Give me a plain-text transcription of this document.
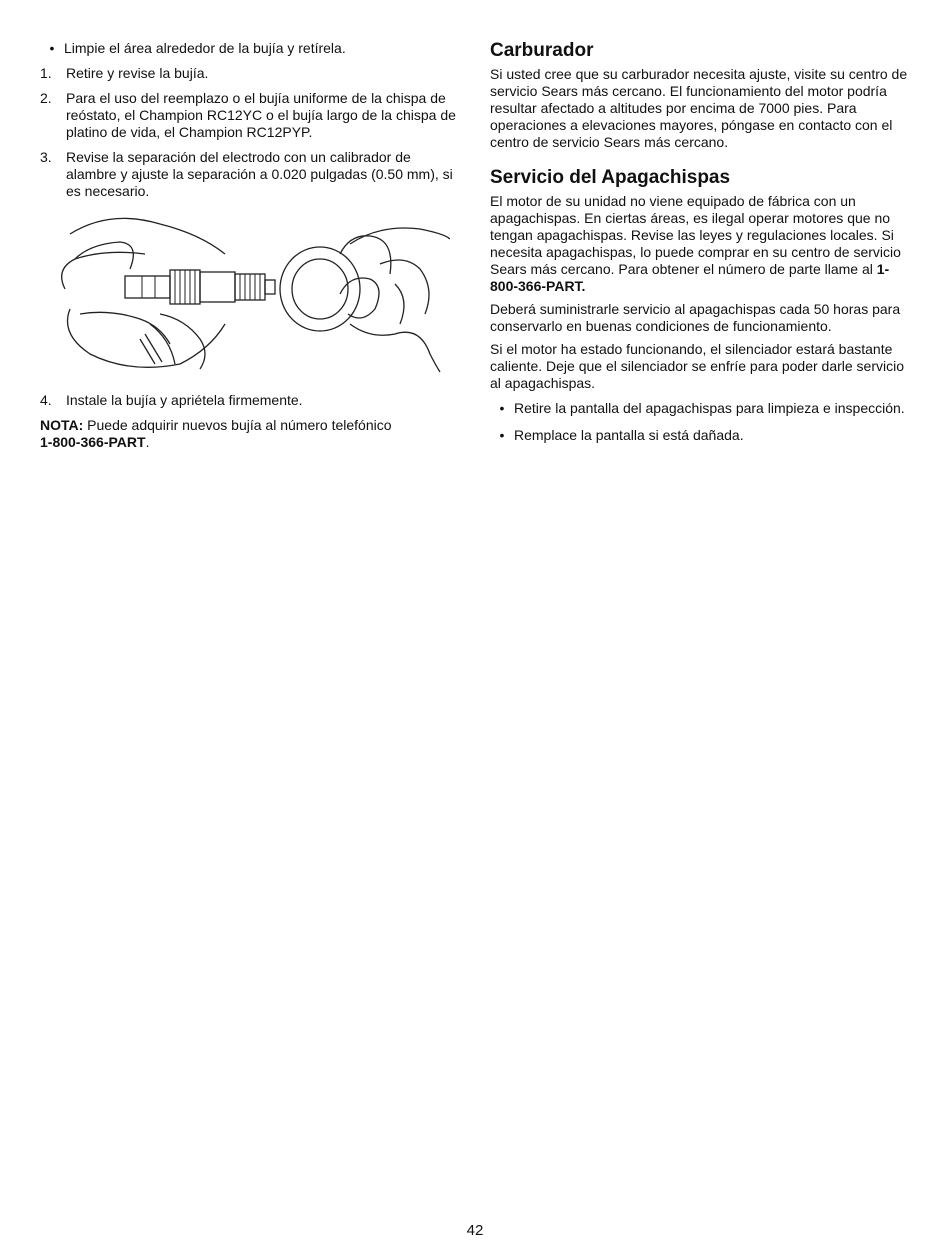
• Limpie el área alrededor de la bujía y retírela.
1.	Retire y revise la bujía.
2.	Para el uso del reemplazo o el bujía uniforme de la chispa de reóstato, el Champion RC12YC o el bujía largo de la chispa de platino de vida, el Champion RC12PYP.
3.	Revise la separación del electrodo con un calibrador de alambre y ajuste la separación a 0.020 pulgadas (0.50 mm), si es necesario.
4.	Instale la bujía y apriétela firmemente.

NOTA: Puede adquirir nuevos bujía al número telefónico
1-800-366-PART.

Carburador

Si usted cree que su carburador necesita ajuste, visite su centro de servicio Sears más cercano. El funcionamiento del motor podría resultar afectado a altitudes por encima de 7000 pies. Para operaciones a elevaciones mayores, póngase en contacto con el centro de servicio Sears más cercano.

Servicio del Apagachispas

El motor de su unidad no viene equipado de fábrica con un apagachispas. En ciertas áreas, es ilegal operar motores que no tengan apagachispas. Revise las leyes y regulaciones locales. Si necesita apagachispas, lo puede comprar en su centro de servicio Sears más cercano. Para obtener el número de parte llame al 1-800-366-PART.

Deberá suministrarle servicio al apagachispas cada 50 horas para conservarlo en buenas condiciones de funcionamiento.

Si el motor ha estado funcionando, el silenciador estará bastante caliente. Deje que el silenciador se enfríe para poder darle servicio al apagachispas.

• Retire la pantalla del apagachispas para limpieza e inspección.
• Remplace la pantalla si está dañada.
42
